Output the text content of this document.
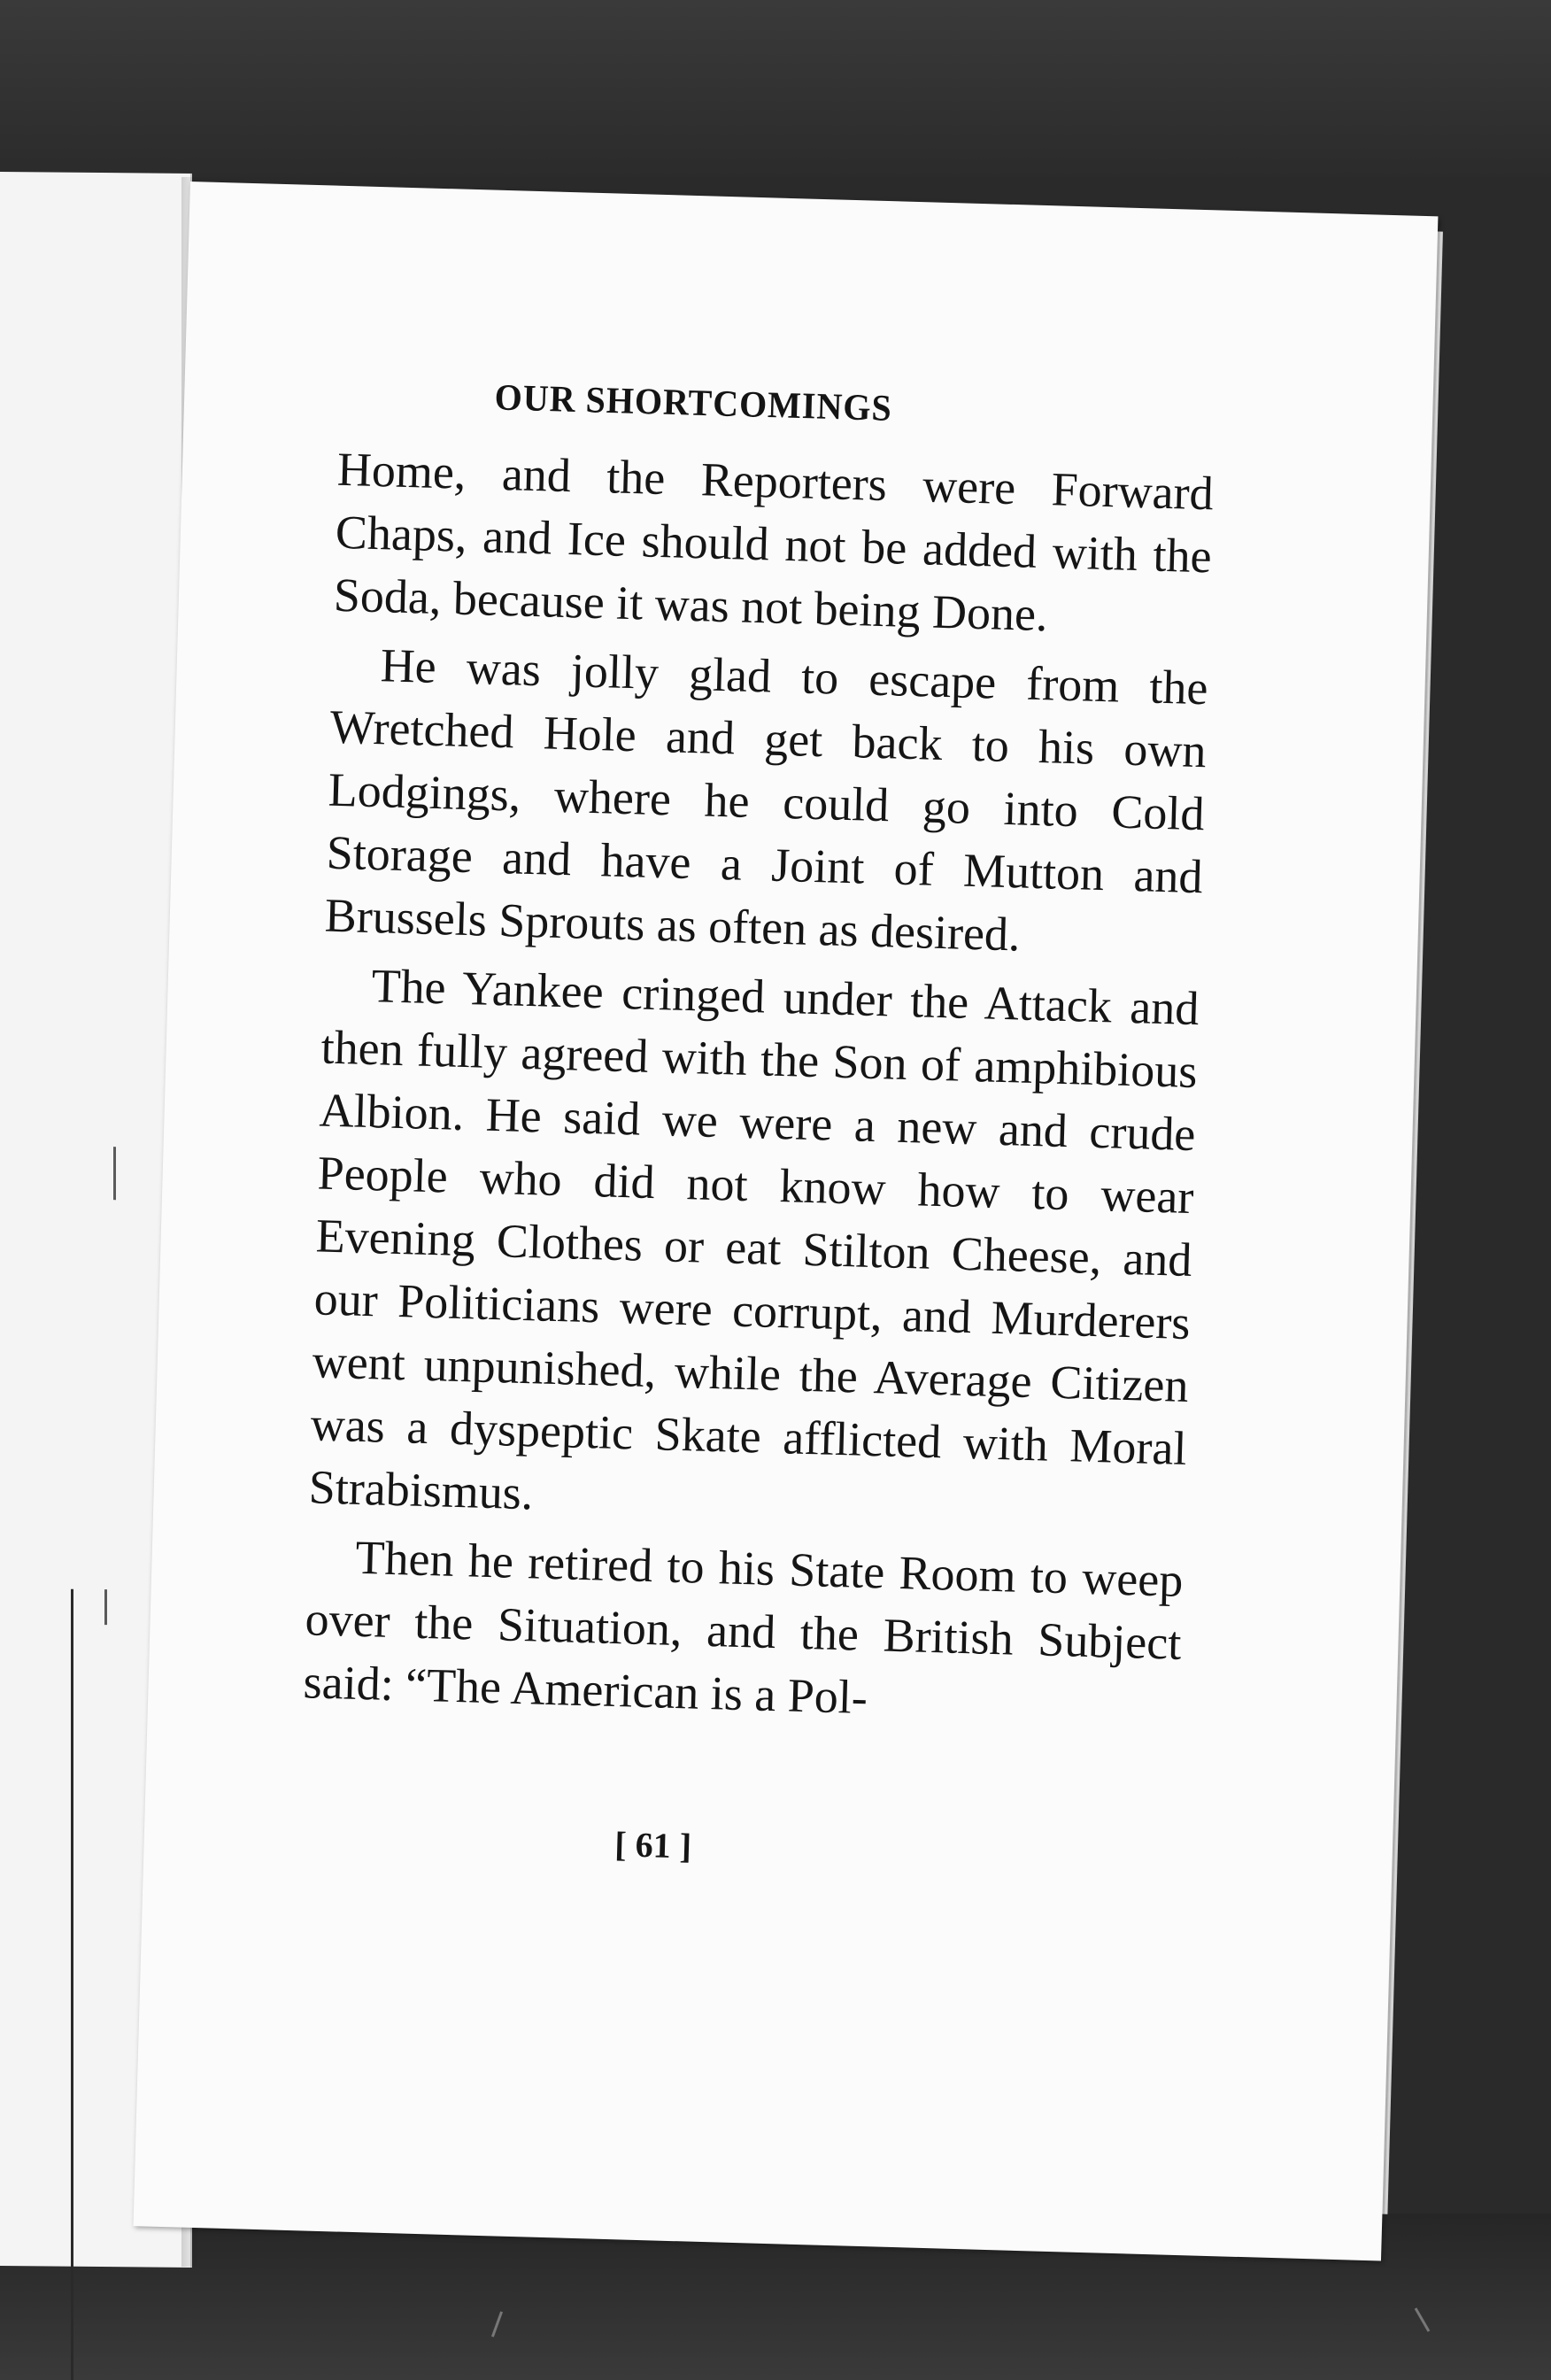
OUR SHORTCOMINGS

Home, and the Reporters were Forward Chaps, and Ice should not be added with the Soda, because it was not being Done.

He was jolly glad to escape from the Wretched Hole and get back to his own Lodgings, where he could go into Cold Storage and have a Joint of Mutton and Brussels Sprouts as often as desired.

The Yankee cringed under the Attack and then fully agreed with the Son of amphibious Albion. He said we were a new and crude People who did not know how to wear Evening Clothes or eat Stilton Cheese, and our Politicians were corrupt, and Murderers went unpunished, while the Average Citizen was a dyspeptic Skate afflicted with Moral Strabismus.

Then he retired to his State Room to weep over the Situation, and the British Subject said: “The American is a Pol-

[ 61 ]
